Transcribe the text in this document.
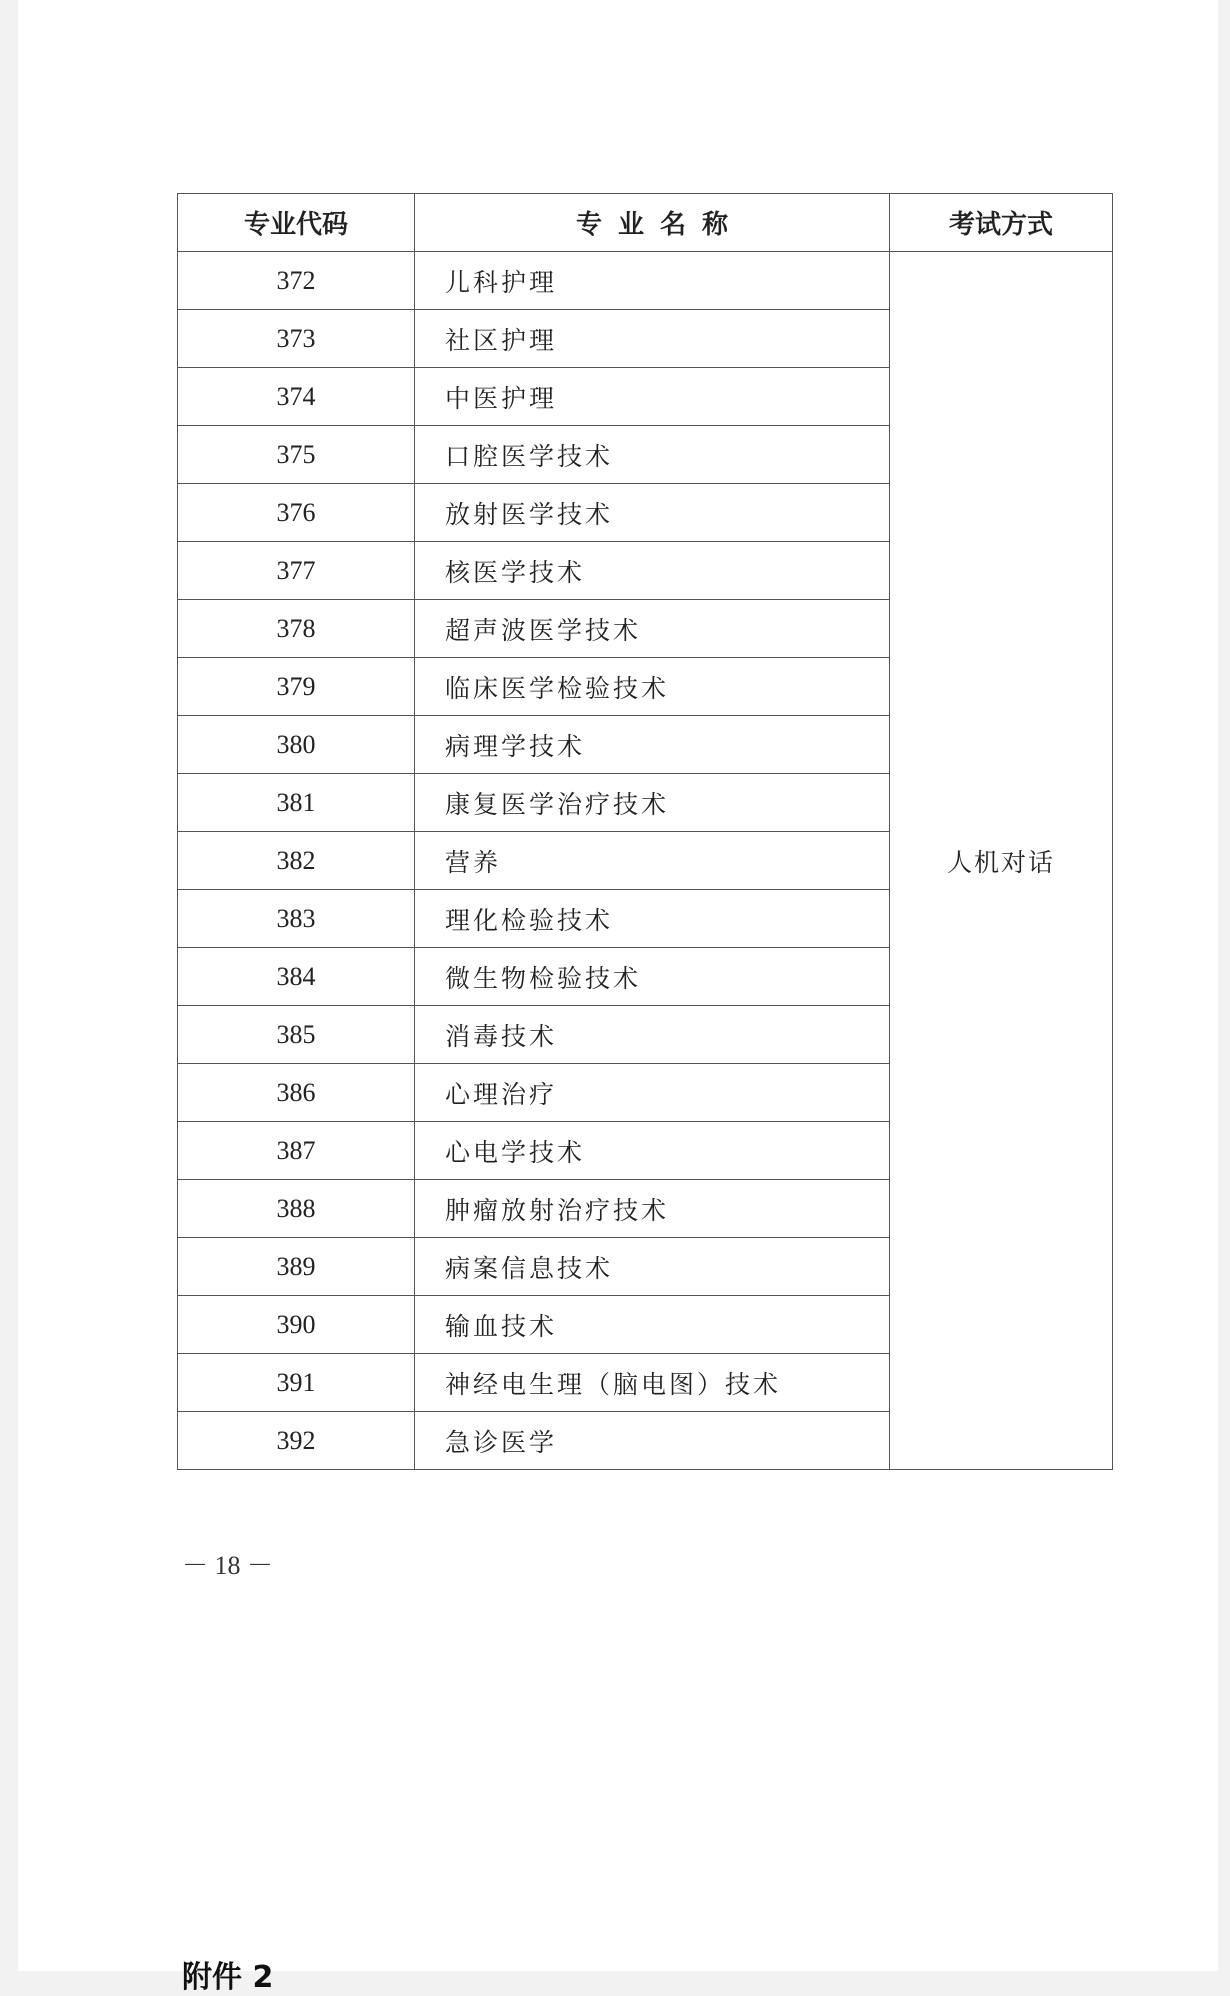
专业代码	专业名称	考试方式
372	儿科护理	人机对话
373	社区护理	
374	中医护理	
375	口腔医学技术	
376	放射医学技术	
377	核医学技术	
378	超声波医学技术	
379	临床医学检验技术	
380	病理学技术	
381	康复医学治疗技术	
382	营养	
383	理化检验技术	
384	微生物检验技术	
385	消毒技术	
386	心理治疗	
387	心电学技术	
388	肿瘤放射治疗技术	
389	病案信息技术	
390	输血技术	
391	神经电生理（脑电图）技术	
392	急诊医学	
－ 18 －
附件 2
